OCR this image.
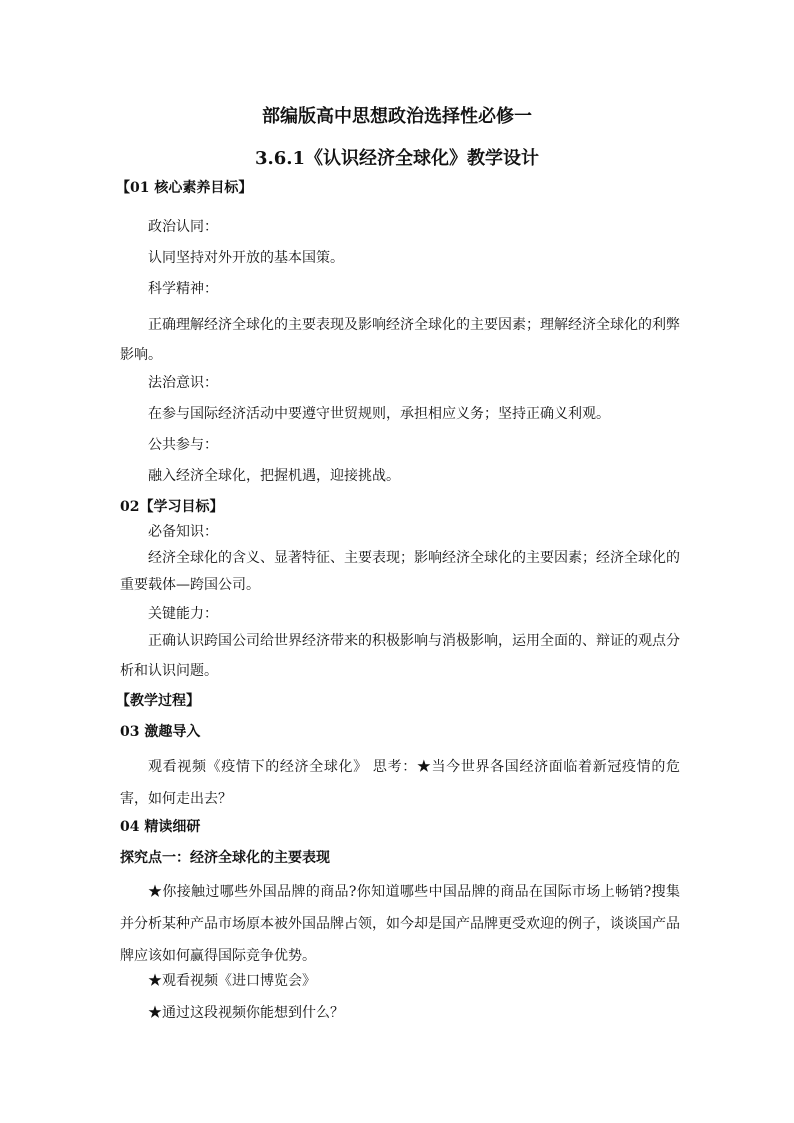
部编版高中思想政治选择性必修一
3.6.1《认识经济全球化》教学设计
【01 核心素养目标】
政治认同：
认同坚持对外开放的基本国策。
科学精神：
正确理解经济全球化的主要表现及影响经济全球化的主要因素；理解经济全球化的利弊影响。
法治意识：
在参与国际经济活动中要遵守世贸规则，承担相应义务；坚持正确义利观。
公共参与：
融入经济全球化，把握机遇，迎接挑战。
02【学习目标】
必备知识：
经济全球化的含义、显著特征、主要表现；影响经济全球化的主要因素；经济全球化的重要载体—跨国公司。
关键能力：
正确认识跨国公司给世界经济带来的积极影响与消极影响，运用全面的、辩证的观点分析和认识问题。
【教学过程】
03 激趣导入
观看视频《疫情下的经济全球化》 思考：★当今世界各国经济面临着新冠疫情的危害，如何走出去？
04 精读细研
探究点一：经济全球化的主要表现
★你接触过哪些外国品牌的商品?你知道哪些中国品牌的商品在国际市场上畅销?搜集并分析某种产品市场原本被外国品牌占领，如今却是国产品牌更受欢迎的例子，谈谈国产品牌应该如何赢得国际竞争优势。
★观看视频《进口博览会》
★通过这段视频你能想到什么？
